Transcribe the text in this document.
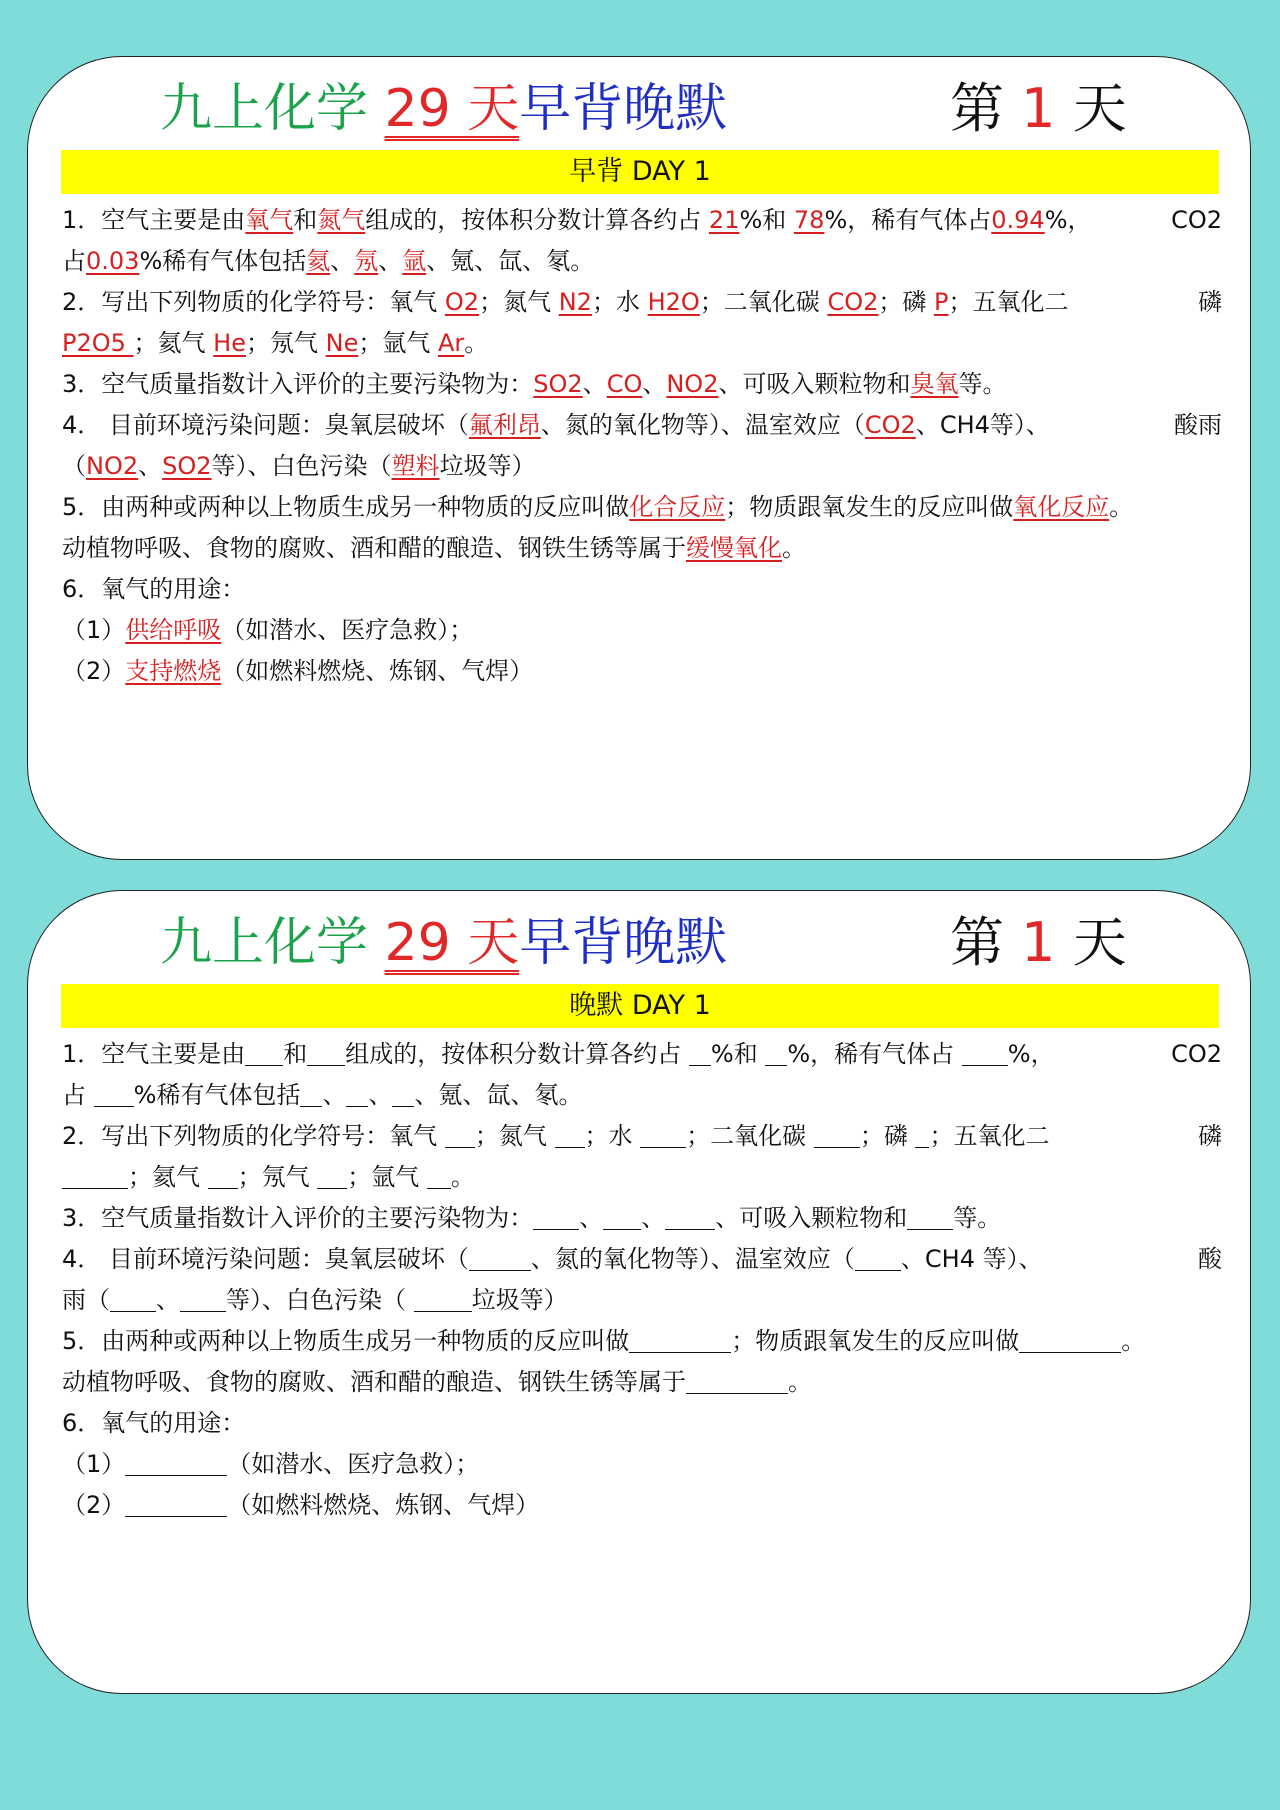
九上化学 29 天早背晚默	第 1 天
早背 DAY 1
1．空气主要是由氧气和氮气组成的，按体积分数计算各约占 21%和 78%，稀有气体占0.94%，	CO2
占0.03%稀有气体包括氦、氖、氩、氪、氙、氡。
2．写出下列物质的化学符号：氧气 O2；氮气 N2；水 H2O；二氧化碳 CO2；磷 P；五氧化二	磷
P2O5 ；氦气 He；氖气 Ne；氩气 Ar。
3．空气质量指数计入评价的主要污染物为：SO2、CO、NO2、可吸入颗粒物和臭氧等。
4． 目前环境污染问题：臭氧层破坏（氟利昂、氮的氧化物等）、温室效应（CO2、CH4等）、	酸雨
（NO2、SO2等）、白色污染（塑料垃圾等）
5．由两种或两种以上物质生成另一种物质的反应叫做化合反应；物质跟氧发生的反应叫做氧化反应。
动植物呼吸、食物的腐败、酒和醋的酿造、钢铁生锈等属于缓慢氧化。
6．氧气的用途：
（1）供给呼吸（如潜水、医疗急救）；
（2）支持燃烧（如燃料燃烧、炼钢、气焊）
九上化学 29 天早背晚默	第 1 天
晚默 DAY 1
1．空气主要是由 和 组成的，按体积分数计算各约占 %和 %，稀有气体占 %，	CO2
占 %稀有气体包括 、 、 、氪、氙、氡。
2．写出下列物质的化学符号：氧气 ；氮气 ；水 ；二氧化碳 ；磷 ；五氧化二	磷
；氦气 ；氖气 ；氩气 。
3．空气质量指数计入评价的主要污染物为： 、 、 、可吸入颗粒物和 等。
4． 目前环境污染问题：臭氧层破坏（	、氮的氧化物等）、温室效应（ 、CH4 等）、	酸
雨（ 、 等）、白色污染（ 垃圾等）
5．由两种或两种以上物质生成另一种物质的反应叫做	；物质跟氧发生的反应叫做	。
动植物呼吸、食物的腐败、酒和醋的酿造、钢铁生锈等属于	。
6．氧气的用途：
（1）	（如潜水、医疗急救）；
（2）	（如燃料燃烧、炼钢、气焊）
